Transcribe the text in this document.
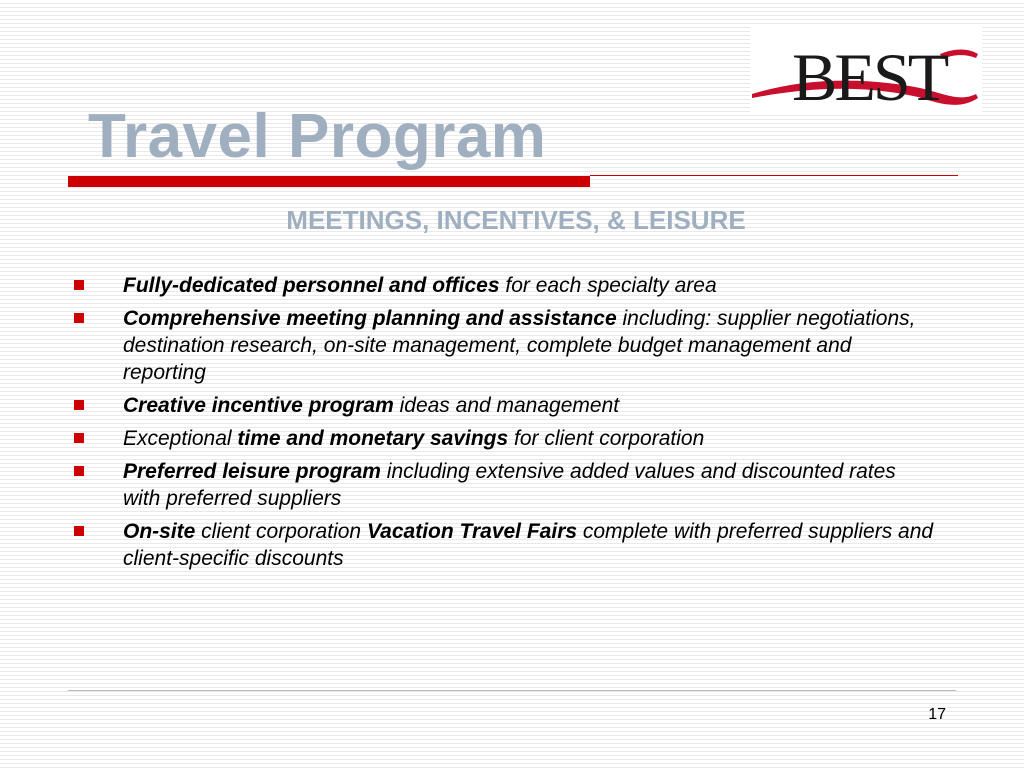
BEST
Travel Program
MEETINGS, INCENTIVES, & LEISURE
Fully-dedicated personnel and offices for each specialty area
Comprehensive meeting planning and assistance including: supplier negotiations, destination research, on-site management, complete budget management and reporting
Creative incentive program ideas and management
Exceptional time and monetary savings for client corporation
Preferred leisure program including extensive added values and discounted rates with preferred suppliers
On-site client corporation Vacation Travel Fairs complete with preferred suppliers and client-specific discounts
17
